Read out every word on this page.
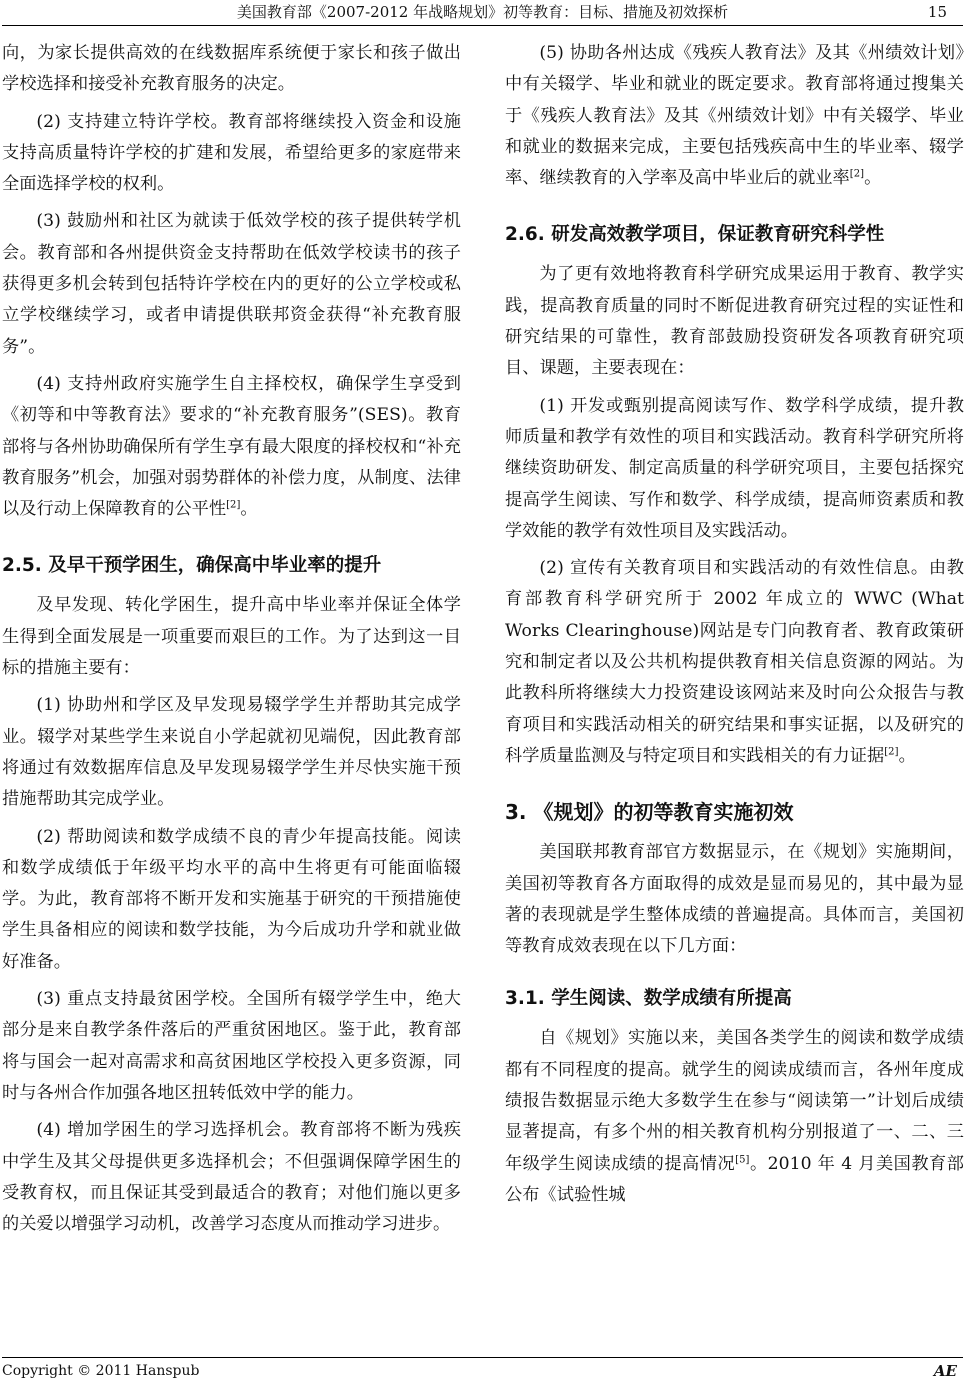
美国教育部《2007-2012 年战略规划》初等教育：目标、措施及初效探析	15

向，为家长提供高效的在线数据库系统便于家长和孩子做出学校选择和接受补充教育服务的决定。

(2) 支持建立特许学校。教育部将继续投入资金和设施支持高质量特许学校的扩建和发展，希望给更多的家庭带来全面选择学校的权利。

(3) 鼓励州和社区为就读于低效学校的孩子提供转学机会。教育部和各州提供资金支持帮助在低效学校读书的孩子获得更多机会转到包括特许学校在内的更好的公立学校或私立学校继续学习，或者申请提供联邦资金获得“补充教育服务”。

(4) 支持州政府实施学生自主择校权，确保学生享受到《初等和中等教育法》要求的“补充教育服务”(SES)。教育部将与各州协助确保所有学生享有最大限度的择校权和“补充教育服务”机会，加强对弱势群体的补偿力度，从制度、法律以及行动上保障教育的公平性[2]。

2.5. 及早干预学困生，确保高中毕业率的提升

及早发现、转化学困生，提升高中毕业率并保证全体学生得到全面发展是一项重要而艰巨的工作。为了达到这一目标的措施主要有：

(1) 协助州和学区及早发现易辍学学生并帮助其完成学业。辍学对某些学生来说自小学起就初见端倪，因此教育部将通过有效数据库信息及早发现易辍学学生并尽快实施干预措施帮助其完成学业。

(2) 帮助阅读和数学成绩不良的青少年提高技能。阅读和数学成绩低于年级平均水平的高中生将更有可能面临辍学。为此，教育部将不断开发和实施基于研究的干预措施使学生具备相应的阅读和数学技能，为今后成功升学和就业做好准备。

(3) 重点支持最贫困学校。全国所有辍学学生中，绝大部分是来自教学条件落后的严重贫困地区。鉴于此，教育部将与国会一起对高需求和高贫困地区学校投入更多资源，同时与各州合作加强各地区扭转低效中学的能力。

(4) 增加学困生的学习选择机会。教育部将不断为残疾中学生及其父母提供更多选择机会；不但强调保障学困生的受教育权，而且保证其受到最适合的教育；对他们施以更多的关爱以增强学习动机，改善学习态度从而推动学习进步。

(5) 协助各州达成《残疾人教育法》及其《州绩效计划》中有关辍学、毕业和就业的既定要求。教育部将通过搜集关于《残疾人教育法》及其《州绩效计划》中有关辍学、毕业和就业的数据来完成，主要包括残疾高中生的毕业率、辍学率、继续教育的入学率及高中毕业后的就业率[2]。

2.6. 研发高效教学项目，保证教育研究科学性

为了更有效地将教育科学研究成果运用于教育、教学实践，提高教育质量的同时不断促进教育研究过程的实证性和研究结果的可靠性，教育部鼓励投资研发各项教育研究项目、课题，主要表现在：

(1) 开发或甄别提高阅读写作、数学科学成绩，提升教师质量和教学有效性的项目和实践活动。教育科学研究所将继续资助研发、制定高质量的科学研究项目，主要包括探究提高学生阅读、写作和数学、科学成绩，提高师资素质和教学效能的教学有效性项目及实践活动。

(2) 宣传有关教育项目和实践活动的有效性信息。由教育部教育科学研究所于 2002 年成立的 WWC (What Works Clearinghouse)网站是专门向教育者、教育政策研究和制定者以及公共机构提供教育相关信息资源的网站。为此教科所将继续大力投资建设该网站来及时向公众报告与教育项目和实践活动相关的研究结果和事实证据，以及研究的科学质量监测及与特定项目和实践相关的有力证据[2]。

3. 《规划》的初等教育实施初效

美国联邦教育部官方数据显示，在《规划》实施期间，美国初等教育各方面取得的成效是显而易见的，其中最为显著的表现就是学生整体成绩的普遍提高。具体而言，美国初等教育成效表现在以下几方面：

3.1. 学生阅读、数学成绩有所提高

自《规划》实施以来，美国各类学生的阅读和数学成绩都有不同程度的提高。就学生的阅读成绩而言，各州年度成绩报告数据显示绝大多数学生在参与“阅读第一”计划后成绩显著提高，有多个州的相关教育机构分别报道了一、二、三年级学生阅读成绩的提高情况[5]。2010 年 4 月美国教育部公布《试验性城

Copyright © 2011 Hanspub	AE
